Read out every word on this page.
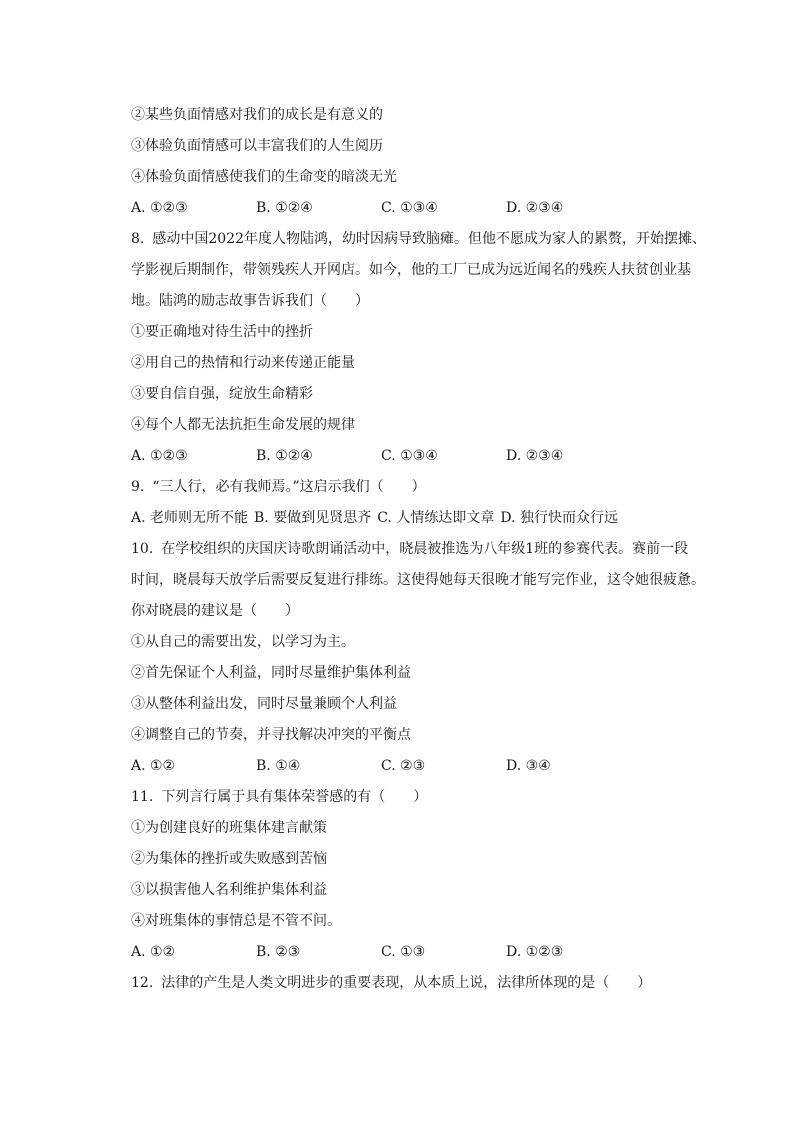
②某些负面情感对我们的成长是有意义的
③体验负面情感可以丰富我们的人生阅历
④体验负面情感使我们的生命变的暗淡无光
A. ①②③	B. ①②④	C. ①③④	D. ②③④
8. 感动中国2022年度人物陆鸿，幼时因病导致脑瘫。但他不愿成为家人的累赘，开始摆摊、
学影视后期制作，带领残疾人开网店。如今，他的工厂已成为远近闻名的残疾人扶贫创业基
地。陆鸿的励志故事告诉我们（　　）
①要正确地对待生活中的挫折
②用自己的热情和行动来传递正能量
③要自信自强，绽放生命精彩
④每个人都无法抗拒生命发展的规律
A. ①②③	B. ①②④	C. ①③④	D. ②③④
9. “三人行，必有我师焉。”这启示我们（　　）
A. 老师则无所不能 B. 要做到见贤思齐 C. 人情练达即文章 D. 独行快而众行远
10. 在学校组织的庆国庆诗歌朗诵活动中，晓晨被推选为八年级1班的参赛代表。赛前一段
时间，晓晨每天放学后需要反复进行排练。这使得她每天很晚才能写完作业，这令她很疲惫。
你对晓晨的建议是（　　）
①从自己的需要出发，以学习为主。
②首先保证个人利益，同时尽量维护集体利益
③从整体利益出发，同时尽量兼顾个人利益
④调整自己的节奏，并寻找解决冲突的平衡点
A. ①②	B. ①④	C. ②③	D. ③④
11. 下列言行属于具有集体荣誉感的有（　　）
①为创建良好的班集体建言献策
②为集体的挫折或失败感到苦恼
③以损害他人名利维护集体利益
④对班集体的事情总是不管不问。
A. ①②	B. ②③	C. ①③	D. ①②③
12. 法律的产生是人类文明进步的重要表现，从本质上说，法律所体现的是（　　）
